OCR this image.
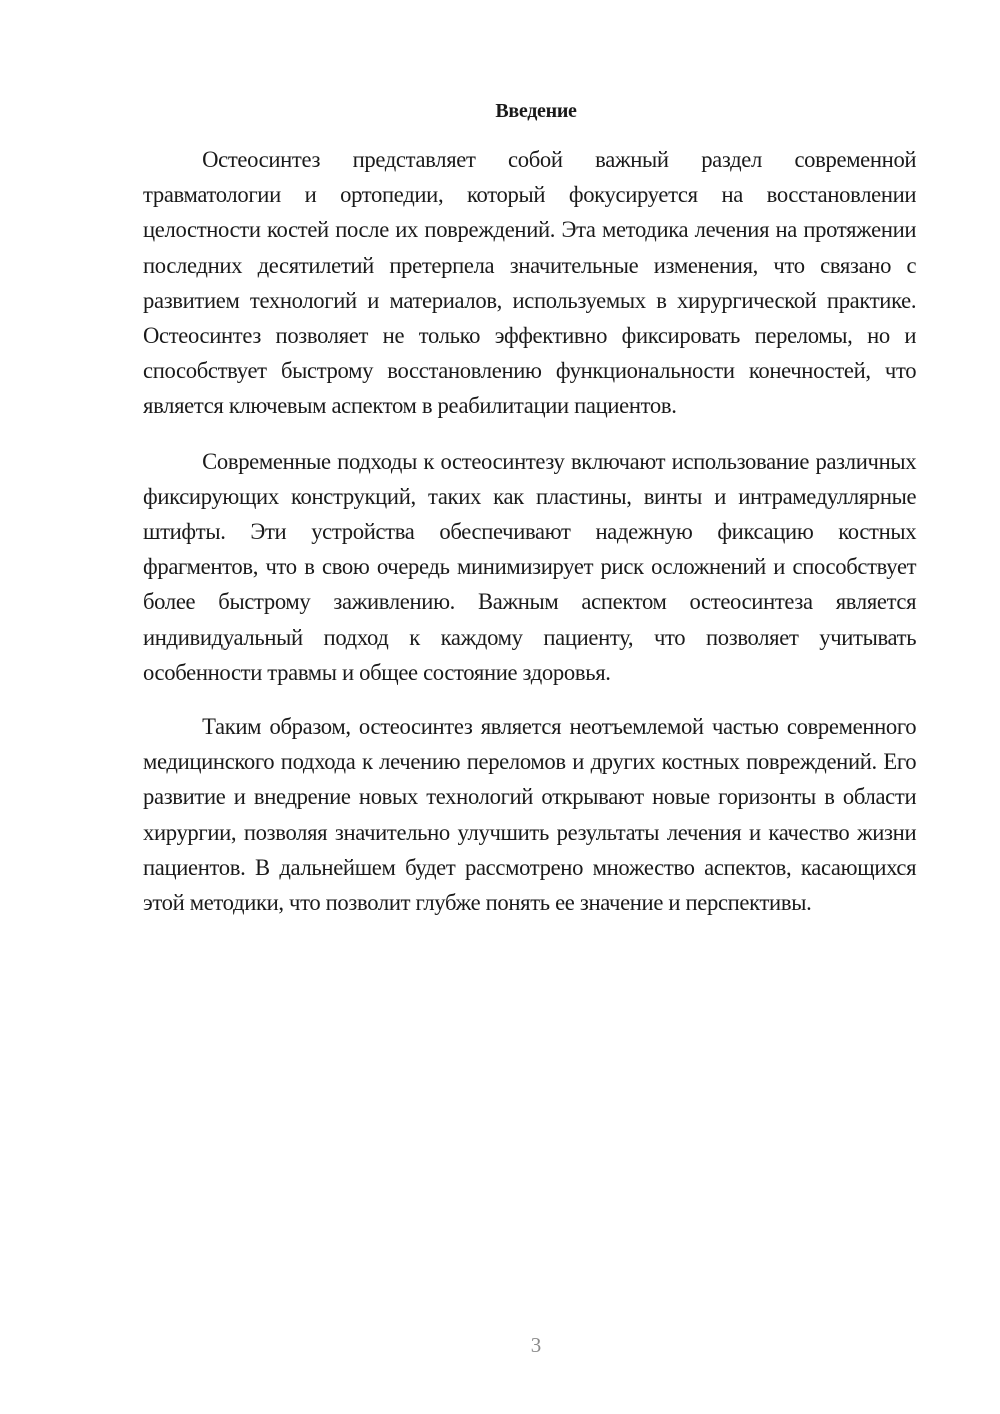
Введение

Остеосинтез представляет собой важный раздел современной травматологии и ортопедии, который фокусируется на восстановлении целостности костей после их повреждений. Эта методика лечения на протяжении последних десятилетий претерпела значительные изменения, что связано с развитием технологий и материалов, используемых в хирургической практике. Остеосинтез позволяет не только эффективно фиксировать переломы, но и способствует быстрому восстановлению функциональности конечностей, что является ключевым аспектом в реабилитации пациентов.

Современные подходы к остеосинтезу включают использование различных фиксирующих конструкций, таких как пластины, винты и интрамедуллярные штифты. Эти устройства обеспечивают надежную фиксацию костных фрагментов, что в свою очередь минимизирует риск осложнений и способствует более быстрому заживлению. Важным аспектом остеосинтеза является индивидуальный подход к каждому пациенту, что позволяет учитывать особенности травмы и общее состояние здоровья.

Таким образом, остеосинтез является неотъемлемой частью современного медицинского подхода к лечению переломов и других костных повреждений. Его развитие и внедрение новых технологий открывают новые горизонты в области хирургии, позволяя значительно улучшить результаты лечения и качество жизни пациентов. В дальнейшем будет рассмотрено множество аспектов, касающихся этой методики, что позволит глубже понять ее значение и перспективы.

3
